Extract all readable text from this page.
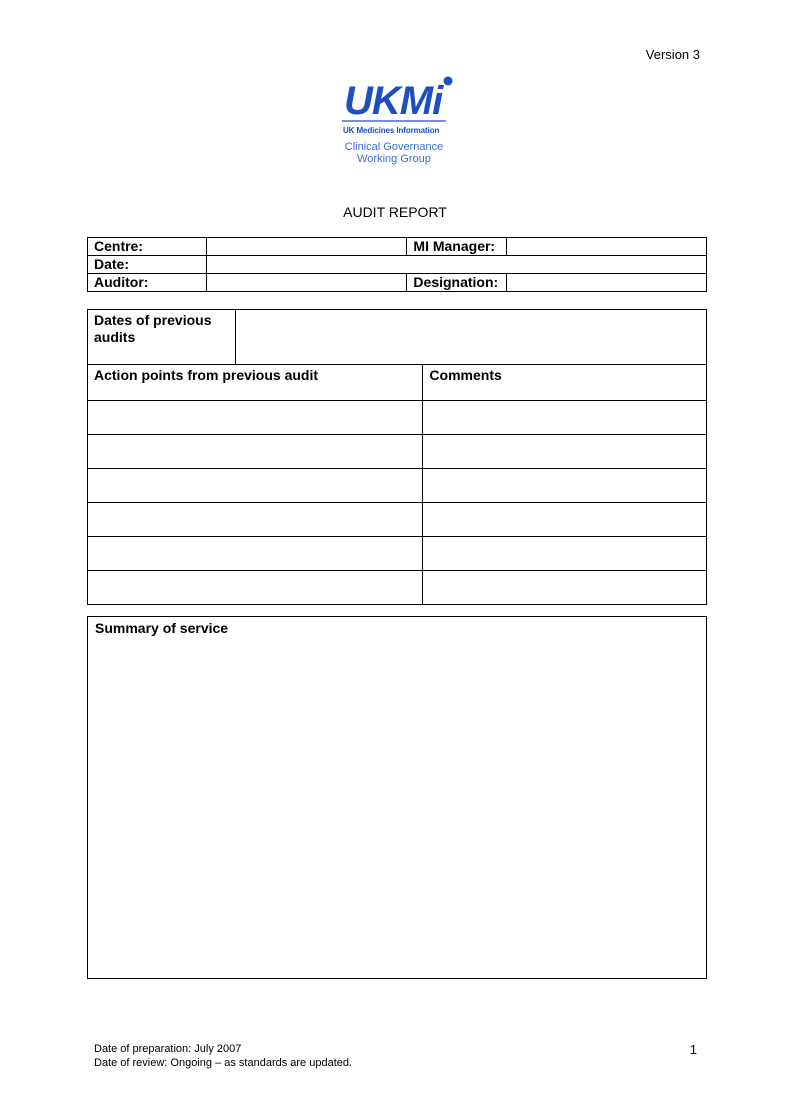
Version 3
UKMi
UK Medicines Information
Clinical Governance
Working Group
AUDIT REPORT
Centre:		MI Manager:	
Date:			
Auditor:		Designation:	
Dates of previous
audits		

Action points from previous audit		Comments

Summary of service
Date of preparation: July 2007
Date of review: Ongoing – as standards are updated.
1
